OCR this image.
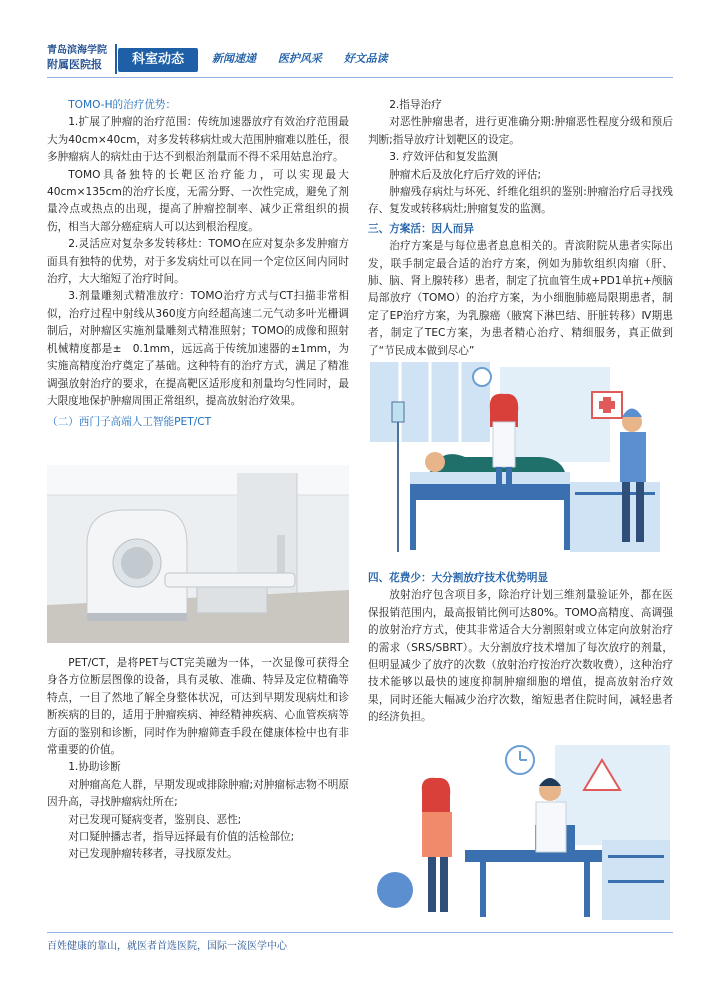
青岛滨海学院
附属医院报	科室动态	新闻速递 医护风采 好文品读

TOMO-H的治疗优势：

1.扩展了肿瘤的治疗范围：传统加速器放疗有效治疗范围最大为40cm×40cm，对多发转移病灶或大范围肿瘤难以胜任，很多肿瘤病人的病灶由于达不到根治剂量而不得不采用姑息治疗。

TOMO具备独特的长靶区治疗能力，可以实现最大40cm×135cm的治疗长度，无需分野、一次性完成，避免了剂量冷点或热点的出现，提高了肿瘤控制率、减少正常组织的损伤，相当大部分癌症病人可以达到根治程度。

2.灵活应对复杂多发转移灶：TOMO在应对复杂多发肿瘤方面具有独特的优势，对于多发病灶可以在同一个定位区间内同时治疗，大大缩短了治疗时间。

3.剂量雕刻式精准放疗：TOMO治疗方式与CT扫描非常相似，治疗过程中射线从360度方向经超高速二元气动多叶光栅调制后，对肿瘤区实施剂量雕刻式精准照射；TOMO的成像和照射机械精度都是±　0.1mm，远远高于传统加速器的±1mm，为实施高精度治疗奠定了基础。这种特有的治疗方式，满足了精准调强放射治疗的要求，在提高靶区适形度和剂量均匀性同时，最大限度地保护肿瘤周围正常组织，提高放射治疗效果。

（二）西门子高端人工智能PET/CT

PET/CT，是将PET与CT完美融为一体，一次显像可获得全身各方位断层图像的设备，具有灵敏、准确、特异及定位精确等特点，一目了然地了解全身整体状况，可达到早期发现病灶和诊断疾病的目的，适用于肿瘤疾病、神经精神疾病、心血管疾病等方面的鉴别和诊断，同时作为肿瘤筛查手段在健康体检中也有非常重要的价值。

1.协助诊断

对肿瘤高危人群，早期发现或排除肿瘤;对肿瘤标志物不明原因升高，寻找肿瘤病灶所在;

对已发现可疑病变者，鉴别良、恶性;

对口疑肿播志者，指导远择最有价值的活检部位;

对已发现肿瘤转移者，寻找原发灶。

2.指导治疗

对恶性肿瘤患者，进行更准确分期:肿瘤恶性程度分级和预后判断;指导放疗计划靶区的设定。

3. 疗效评估和复发监测

肿瘤术后及放化疗后疗效的评估;

肿瘤残存病灶与坏死、纤维化组织的鉴别:肿瘤治疗后寻找残存、复发或转移病灶;肿瘤复发的监测。

三、方案活：因人而异

治疗方案是与每位患者息息相关的。青滨附院从患者实际出发，联手制定最合适的治疗方案，例如为肺软组织肉瘤（肝、肺、脑、肾上腺转移）患者，制定了抗血管生成+PD1单抗+颅脑局部放疗（TOMO）的治疗方案，为小细胞肺癌局限期患者，制定了EP治疗方案，为乳腺癌（腋窝下淋巴结、肝脏转移）Ⅳ期患者，制定了TEC方案，为患者精心治疗、精细服务，真正做到了“节民成本做到尽心”

四、花费少：大分割放疗技术优势明显

放射治疗包含项目多，除治疗计划三维剂量验证外，都在医保报销范围内，最高报销比例可达80%。TOMO高精度、高调强的放射治疗方式，使其非常适合大分割照射或立体定向放射治疗的需求（SRS/SBRT）。大分割放疗技术增加了每次放疗的剂量，但明显减少了放疗的次数（放射治疗按治疗次数收费），这种治疗技术能够以最快的速度抑制肿瘤细胞的增值，提高放射治疗效果，同时还能大幅减少治疗次数，缩短患者住院时间，减轻患者的经济负担。

百姓健康的靠山，就医者首选医院，国际一流医学中心
